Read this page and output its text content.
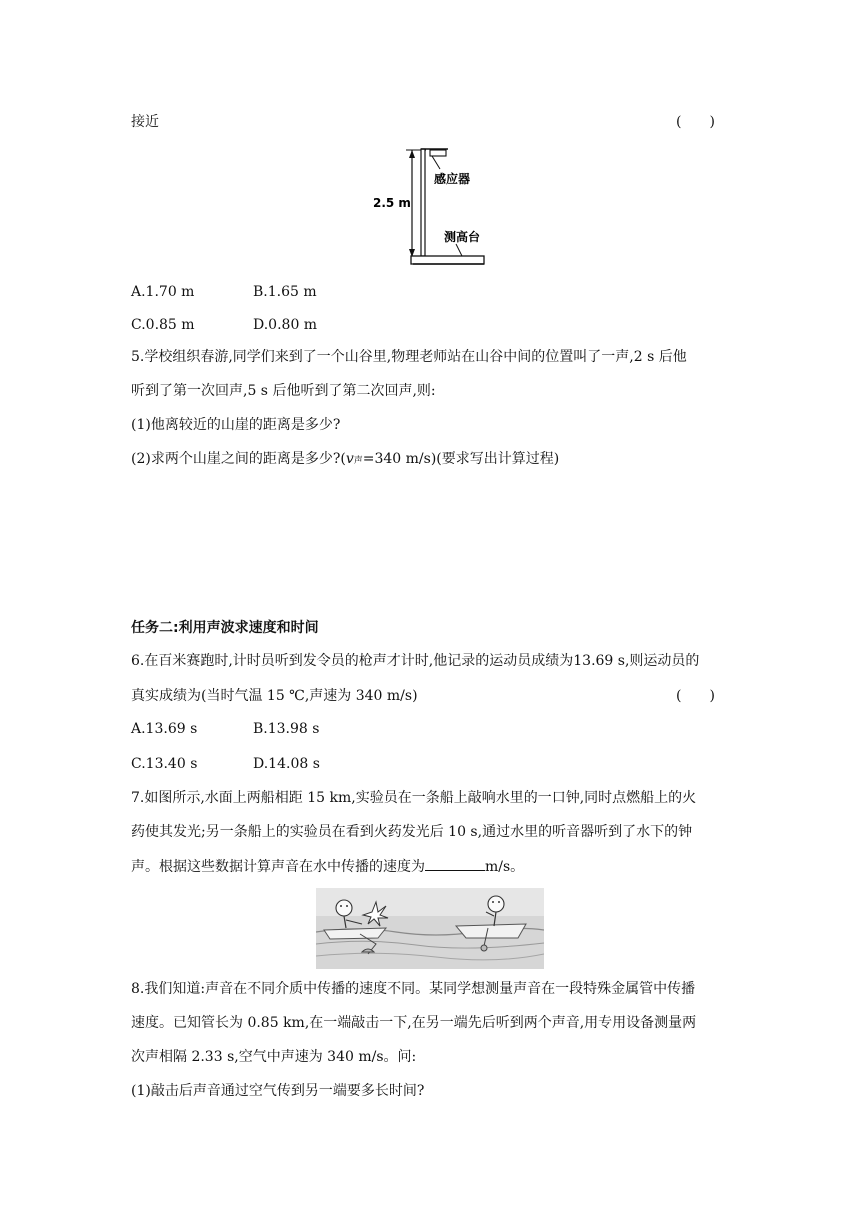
接近	(　　)
2.5 m
感应器
测高台
A.1.70 m	B.1.65 m
C.0.85 m	D.0.80 m
5.学校组织春游,同学们来到了一个山谷里,物理老师站在山谷中间的位置叫了一声,2 s 后他
听到了第一次回声,5 s 后他听到了第二次回声,则:
(1)他离较近的山崖的距离是多少?
(2)求两个山崖之间的距离是多少?(v声=340 m/s)(要求写出计算过程)
任务二:利用声波求速度和时间
6.在百米赛跑时,计时员听到发令员的枪声才计时,他记录的运动员成绩为13.69 s,则运动员的
真实成绩为(当时气温 15 ℃,声速为 340 m/s)	(　　)
A.13.69 s	B.13.98 s
C.13.40 s	D.14.08 s
7.如图所示,水面上两船相距 15 km,实验员在一条船上敲响水里的一口钟,同时点燃船上的火
药使其发光;另一条船上的实验员在看到火药发光后 10 s,通过水里的听音器听到了水下的钟
声。根据这些数据计算声音在水中传播的速度为	m/s。
8.我们知道:声音在不同介质中传播的速度不同。某同学想测量声音在一段特殊金属管中传播
速度。已知管长为 0.85 km,在一端敲击一下,在另一端先后听到两个声音,用专用设备测量两
次声相隔 2.33 s,空气中声速为 340 m/s。问:
(1)敲击后声音通过空气传到另一端要多长时间?
